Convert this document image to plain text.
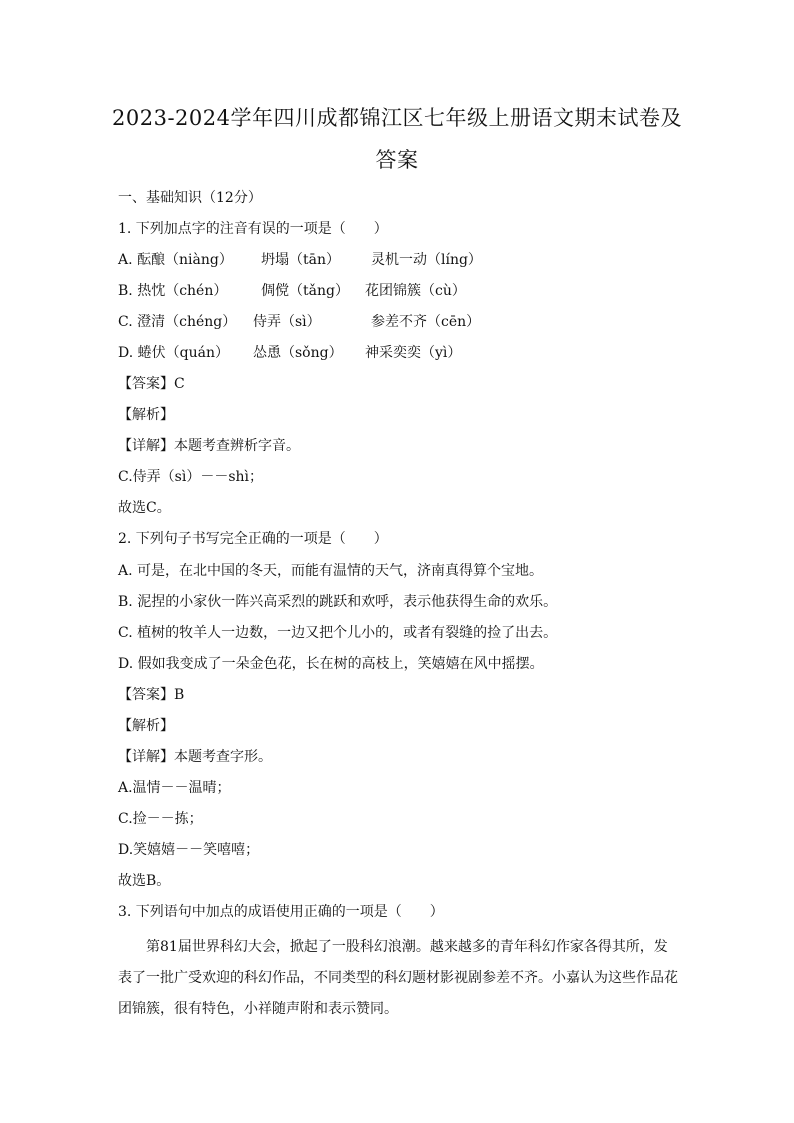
2023-2024学年四川成都锦江区七年级上册语文期末试卷及
答案
一、基础知识（12分）
1. 下列加点字的注音有误的一项是（　　）
A. 酝酿（niàng） 坍塌（tān） 灵机一动（líng）
B. 热忱（chén） 倜傥（tǎng） 花团锦簇（cù）
C. 澄清（chéng） 侍弄（sì）	参差不齐（cēn）
D. 蜷伏（quán） 怂恿（sǒng） 神采奕奕（yì）
【答案】C
【解析】
【详解】本题考查辨析字音。
C.侍弄（sì）－－shì；
故选C。
2. 下列句子书写完全正确的一项是（　　）
A. 可是，在北中国的冬天，而能有温情的天气，济南真得算个宝地。
B. 泥捏的小家伙一阵兴高采烈的跳跃和欢呼，表示他获得生命的欢乐。
C. 植树的牧羊人一边数，一边又把个儿小的，或者有裂缝的捡了出去。
D. 假如我变成了一朵金色花，长在树的高枝上，笑嬉嬉在风中摇摆。
【答案】B
【解析】
【详解】本题考查字形。
A.温情－－温晴；
C.捡－－拣；
D.笑嬉嬉－－笑嘻嘻；
故选B。
3. 下列语句中加点的成语使用正确的一项是（　　）
第81届世界科幻大会，掀起了一股科幻浪潮。越来越多的青年科幻作家各得其所，发表了一批广受欢迎的科幻作品，不同类型的科幻题材影视剧参差不齐。小嘉认为这些作品花团锦簇，很有特色，小祥随声附和表示赞同。
